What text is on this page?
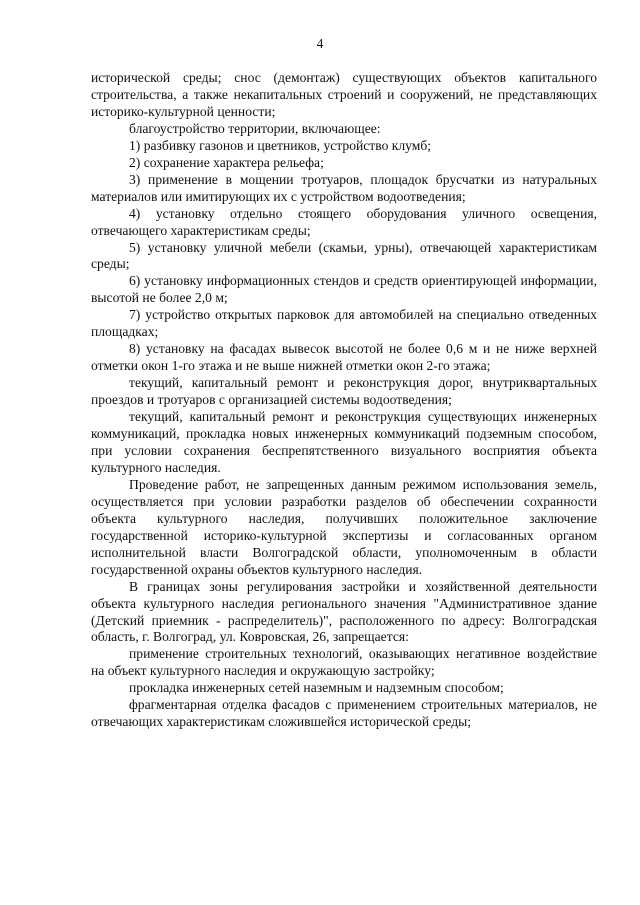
4

исторической среды; снос (демонтаж) существующих объектов капитального строительства, а также некапитальных строений и сооружений, не представляющих историко-культурной ценности;

благоустройство территории, включающее:

1) разбивку газонов и цветников, устройство клумб;

2) сохранение характера рельефа;

3) применение в мощении тротуаров, площадок брусчатки из натуральных материалов или имитирующих их с устройством водоотведения;

4) установку отдельно стоящего оборудования уличного освещения, отвечающего характеристикам среды;

5) установку уличной мебели (скамьи, урны), отвечающей характеристикам среды;

6) установку информационных стендов и средств ориентирующей информации, высотой не более 2,0 м;

7) устройство открытых парковок для автомобилей на специально отведенных площадках;

8) установку на фасадах вывесок высотой не более 0,6 м и не ниже верхней отметки окон 1-го этажа и не выше нижней отметки окон 2-го этажа;

текущий, капитальный ремонт и реконструкция дорог, внутриквартальных проездов и тротуаров с организацией системы водоотведения;

текущий, капитальный ремонт и реконструкция существующих инженерных коммуникаций, прокладка новых инженерных коммуникаций подземным способом, при условии сохранения беспрепятственного визуального восприятия объекта культурного наследия.

Проведение работ, не запрещенных данным режимом использования земель, осуществляется при условии разработки разделов об обеспечении сохранности объекта культурного наследия, получивших положительное заключение государственной историко-культурной экспертизы и согласованных органом исполнительной власти Волгоградской области, уполномоченным в области государственной охраны объектов культурного наследия.

В границах зоны регулирования застройки и хозяйственной деятельности объекта культурного наследия регионального значения "Административное здание (Детский приемник - распределитель)", расположенного по адресу: Волгоградская область, г. Волгоград, ул. Ковровская, 26, запрещается:

применение строительных технологий, оказывающих негативное воздействие на объект культурного наследия и окружающую застройку;

прокладка инженерных сетей наземным и надземным способом;

фрагментарная отделка фасадов с применением строительных материалов, не отвечающих характеристикам сложившейся исторической среды;
